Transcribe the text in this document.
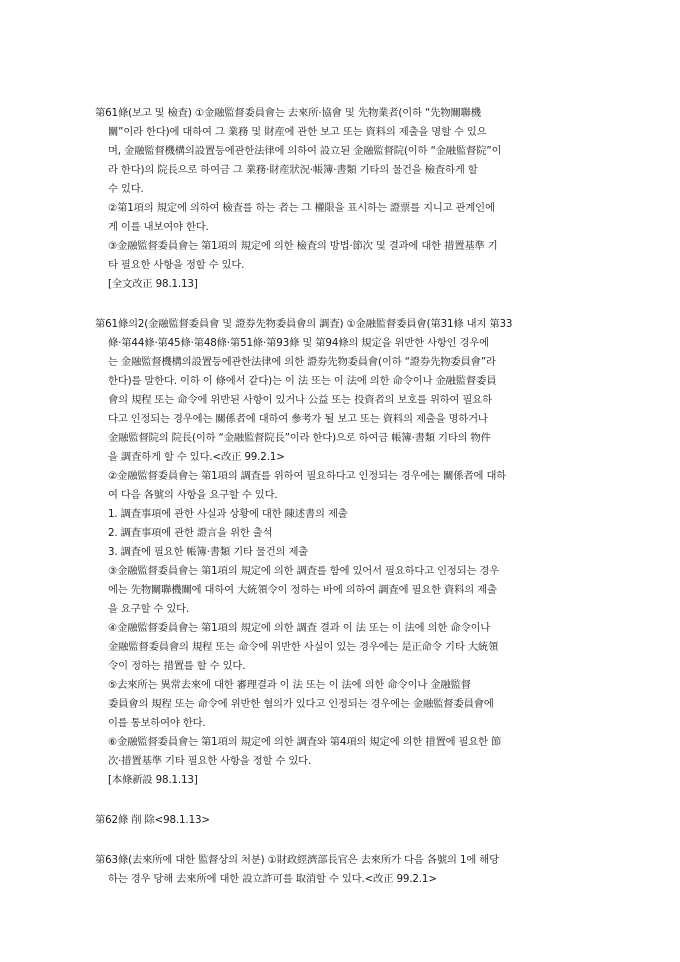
第61條(보고 및 檢査) ①金融監督委員會는 去來所·協會 및 先物業者(이하 “先物關聯機
關”이라 한다)에 대하여 그 業務 및 財産에 관한 보고 또는 資料의 제출을 명할 수 있으
며, 金融監督機構의設置등에관한法律에 의하여 設立된 金融監督院(이하 “金融監督院”이
라 한다)의 院長으로 하여금 그 業務·財産狀況·帳簿·書類 기타의 물건을 檢査하게 할
수 있다.
②第1項의 規定에 의하여 檢査를 하는 者는 그 權限을 표시하는 證票를 지니고 관계인에
게 이를 내보여야 한다.
③金融監督委員會는 第1項의 規定에 의한 檢査의 방법·節次 및 결과에 대한 措置基準 기
타 필요한 사항을 정할 수 있다.
[全文改正 98.1.13]
第61條의2(金融監督委員會 및 證券先物委員會의 調査) ①金融監督委員會(第31條 내지 第33
條·第44條·第45條·第48條·第51條·第93條 및 第94條의 規定을 위반한 사항인 경우에
는 金融監督機構의設置등에관한法律에 의한 證券先物委員會(이하 “證券先物委員會”라
한다)를 말한다. 이하 이 條에서 같다)는 이 法 또는 이 法에 의한 命令이나 金融監督委員
會의 規程 또는 命令에 위반된 사항이 있거나 公益 또는 投資者의 보호를 위하여 필요하
다고 인정되는 경우에는 關係者에 대하여 參考가 될 보고 또는 資料의 제출을 명하거나
金融監督院의 院長(이하 “金融監督院長”이라 한다)으로 하여금 帳簿·書類 기타의 物件
을 調査하게 할 수 있다.<改正 99.2.1>
②金融監督委員會는 第1項의 調査를 위하여 필요하다고 인정되는 경우에는 關係者에 대하
여 다음 各號의 사항을 요구할 수 있다.
1. 調査事項에 관한 사실과 상황에 대한 陳述書의 제출
2. 調査事項에 관한 證言을 위한 출석
3. 調査에 필요한 帳簿·書類 기타 물건의 제출
③金融監督委員會는 第1項의 規定에 의한 調査를 함에 있어서 필요하다고 인정되는 경우
에는 先物關聯機關에 대하여 大統領令이 정하는 바에 의하여 調査에 필요한 資料의 제출
을 요구할 수 있다.
④金融監督委員會는 第1項의 規定에 의한 調査 결과 이 法 또는 이 法에 의한 命令이나
金融監督委員會의 規程 또는 命令에 위반한 사실이 있는 경우에는 是正命令 기타 大統領
令이 정하는 措置를 할 수 있다.
⑤去來所는 異常去來에 대한 審理결과 이 法 또는 이 法에 의한 命令이나 金融監督
委員會의 規程 또는 命令에 위반한 혐의가 있다고 인정되는 경우에는 金融監督委員會에
이를 통보하여야 한다.
⑥金融監督委員會는 第1項의 規定에 의한 調査와 第4項의 規定에 의한 措置에 필요한 節
次·措置基準 기타 필요한 사항을 정할 수 있다.
[本條新設 98.1.13]
第62條 削 除<98.1.13>
第63條(去來所에 대한 監督상의 처분) ①財政經濟部長官은 去來所가 다음 各號의 1에 해당
하는 경우 당해 去來所에 대한 設立許可를 取消할 수 있다.<改正 99.2.1>
